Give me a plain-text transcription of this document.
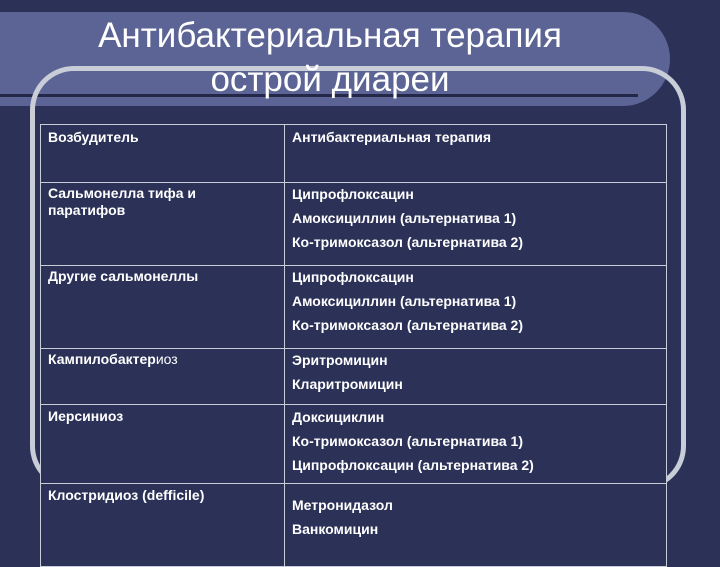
Антибактериальная терапия
острой диареи
Возбудитель	Антибактериальная терапия

Сальмонелла тифа и
паратифов	Ципрофлоксацин
Амоксициллин (альтернатива 1)
Ко-тримоксазол (альтернатива 2)

Другие сальмонеллы	Ципрофлоксацин
Амоксициллин (альтернатива 1)
Ко-тримоксазол (альтернатива 2)

Кампилобактериоз	Эритромицин
Кларитромицин

Иерсиниоз	Доксициклин
Ко-тримоксазол (альтернатива 1)
Ципрофлоксацин (альтернатива 2)

Клостридиоз (defficile)	Метронидазол
Ванкомицин
